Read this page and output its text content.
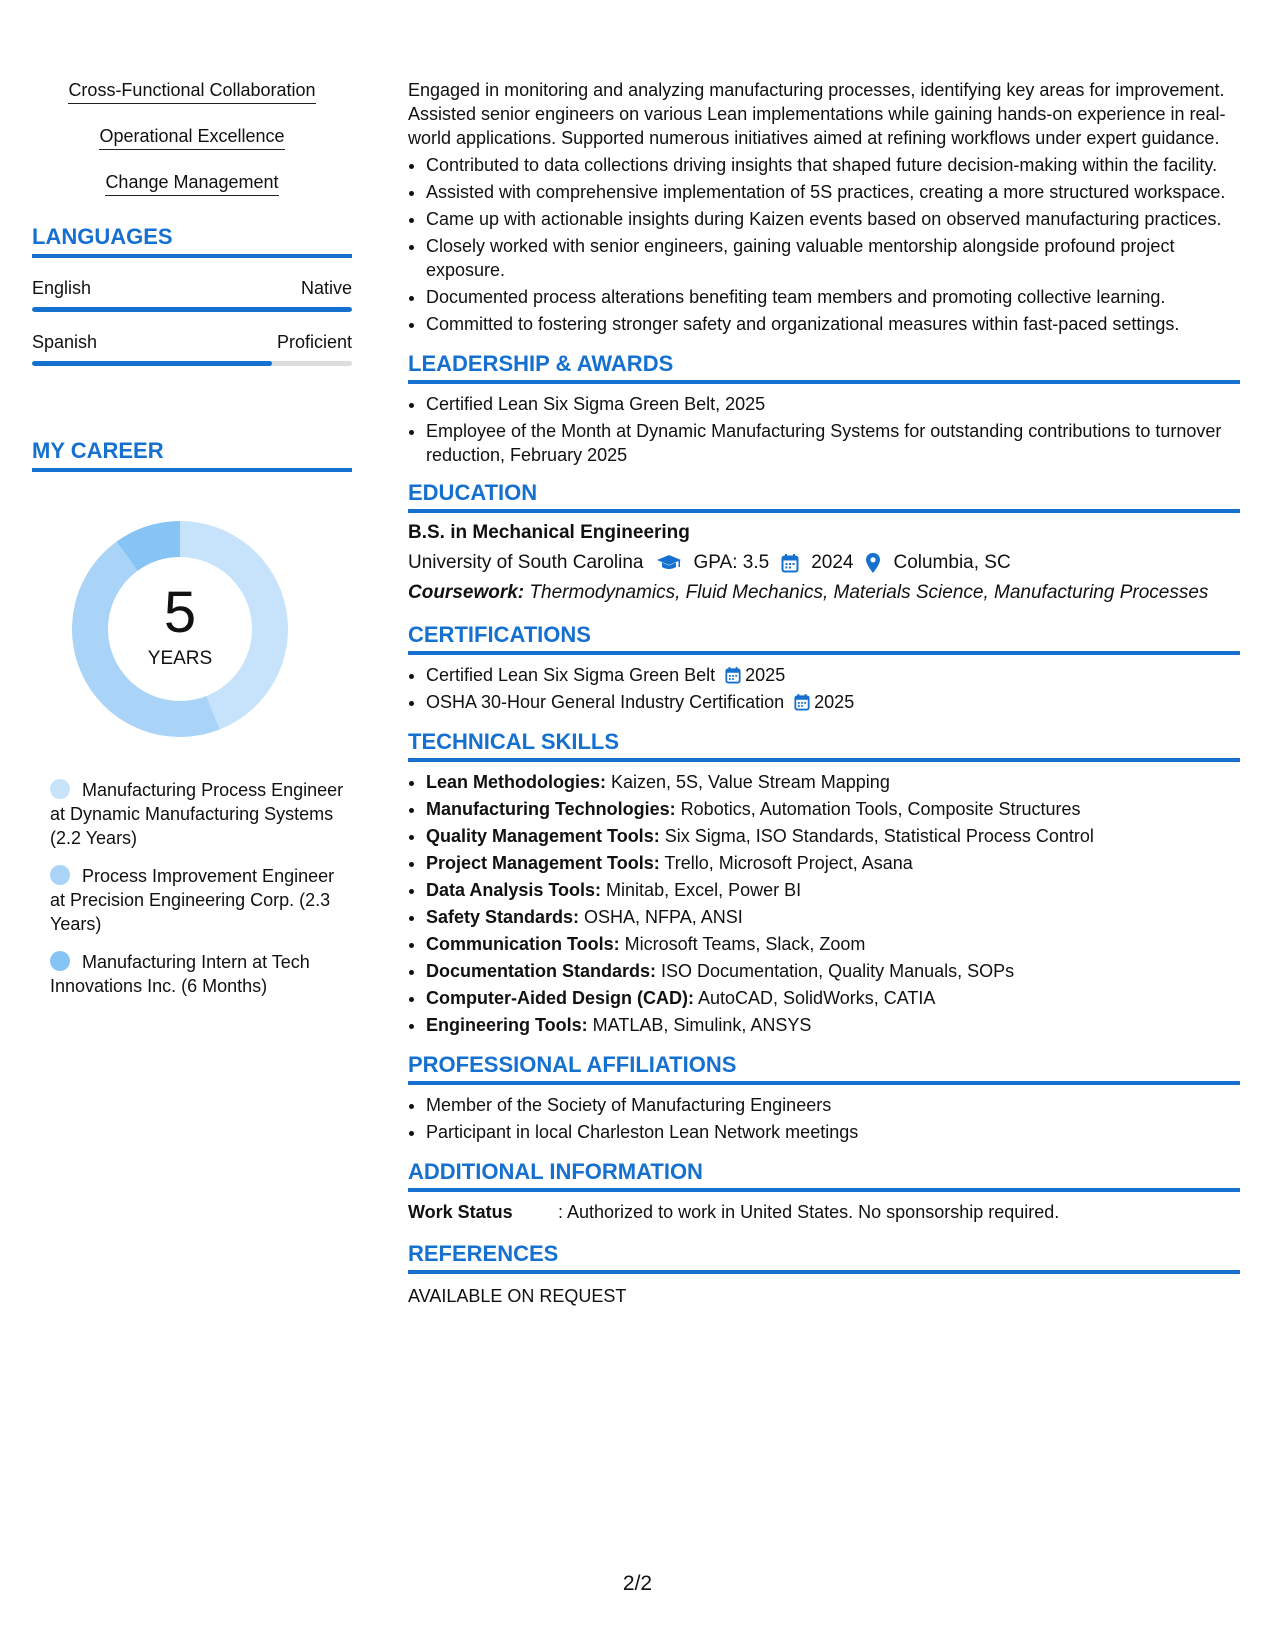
Cross-Functional Collaboration
Operational Excellence
Change Management
LANGUAGES
English	Native
Spanish	Proficient
MY CAREER
5
YEARS
Manufacturing Process Engineer at Dynamic Manufacturing Systems (2.2 Years)
Process Improvement Engineer at Precision Engineering Corp. (2.3 Years)
Manufacturing Intern at Tech Innovations Inc. (6 Months)

Engaged in monitoring and analyzing manufacturing processes, identifying key areas for improvement. Assisted senior engineers on various Lean implementations while gaining hands-on experience in real-world applications. Supported numerous initiatives aimed at refining workflows under expert guidance.

• Contributed to data collections driving insights that shaped future decision-making within the facility.
• Assisted with comprehensive implementation of 5S practices, creating a more structured workspace.
• Came up with actionable insights during Kaizen events based on observed manufacturing practices.
• Closely worked with senior engineers, gaining valuable mentorship alongside profound project exposure.
• Documented process alterations benefiting team members and promoting collective learning.
• Committed to fostering stronger safety and organizational measures within fast-paced settings.
LEADERSHIP & AWARDS
• Certified Lean Six Sigma Green Belt, 2025
• Employee of the Month at Dynamic Manufacturing Systems for outstanding contributions to turnover reduction, February 2025
EDUCATION
B.S. in Mechanical Engineering
University of South Carolina	GPA: 3.5 2024 Columbia, SC
Coursework: Thermodynamics, Fluid Mechanics, Materials Science, Manufacturing Processes
CERTIFICATIONS
• Certified Lean Six Sigma Green Belt 2025
• OSHA 30-Hour General Industry Certification 2025
TECHNICAL SKILLS
• Lean Methodologies: Kaizen, 5S, Value Stream Mapping
• Manufacturing Technologies: Robotics, Automation Tools, Composite Structures
• Quality Management Tools: Six Sigma, ISO Standards, Statistical Process Control
• Project Management Tools: Trello, Microsoft Project, Asana
• Data Analysis Tools: Minitab, Excel, Power BI
• Safety Standards: OSHA, NFPA, ANSI
• Communication Tools: Microsoft Teams, Slack, Zoom
• Documentation Standards: ISO Documentation, Quality Manuals, SOPs
• Computer-Aided Design (CAD): AutoCAD, SolidWorks, CATIA
• Engineering Tools: MATLAB, Simulink, ANSYS
PROFESSIONAL AFFILIATIONS
• Member of the Society of Manufacturing Engineers
• Participant in local Charleston Lean Network meetings
ADDITIONAL INFORMATION
Work Status	: Authorized to work in United States. No sponsorship required.
REFERENCES
AVAILABLE ON REQUEST
2/2
